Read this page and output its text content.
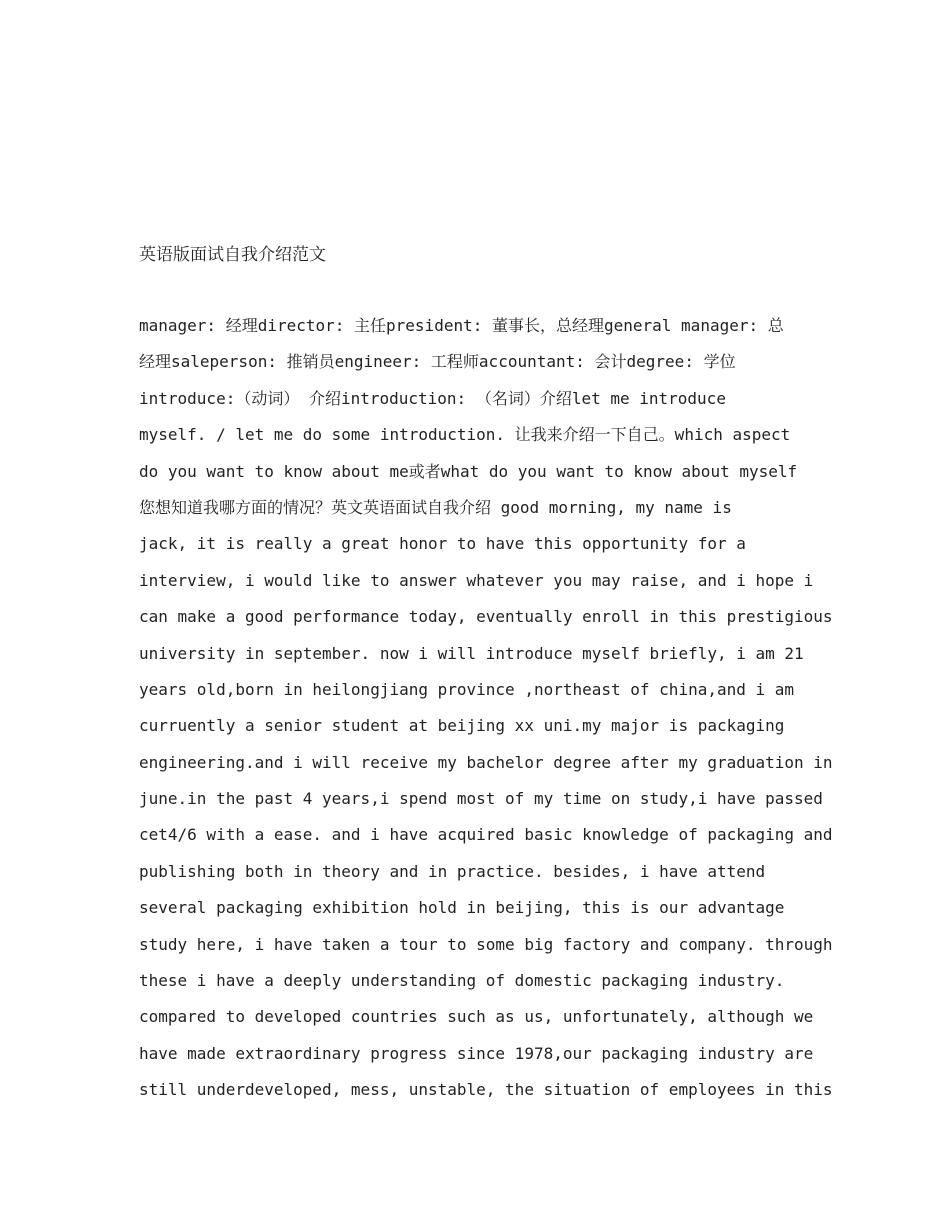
英语版面试自我介绍范文
manager: 经理director: 主任president: 董事长，总经理general manager: 总
经理saleperson: 推销员engineer: 工程师accountant: 会计degree: 学位
introduce:（动词） 介绍introduction: （名词）介绍let me introduce
myself. / let me do some introduction. 让我来介绍一下自己。which aspect
do you want to know about me或者what do you want to know about myself
您想知道我哪方面的情况？英文英语面试自我介绍 good morning, my name is
jack, it is really a great honor to have this opportunity for a
interview, i would like to answer whatever you may raise, and i hope i
can make a good performance today, eventually enroll in this prestigious
university in september. now i will introduce myself briefly, i am 21
years old,born in heilongjiang province ,northeast of china,and i am
curruently a senior student at beijing xx uni.my major is packaging
engineering.and i will receive my bachelor degree after my graduation in
june.in the past 4 years,i spend most of my time on study,i have passed
cet4/6 with a ease. and i have acquired basic knowledge of packaging and
publishing both in theory and in practice. besides, i have attend
several packaging exhibition hold in beijing, this is our advantage
study here, i have taken a tour to some big factory and company. through
these i have a deeply understanding of domestic packaging industry.
compared to developed countries such as us, unfortunately, although we
have made extraordinary progress since 1978,our packaging industry are
still underdeveloped, mess, unstable, the situation of employees in this
